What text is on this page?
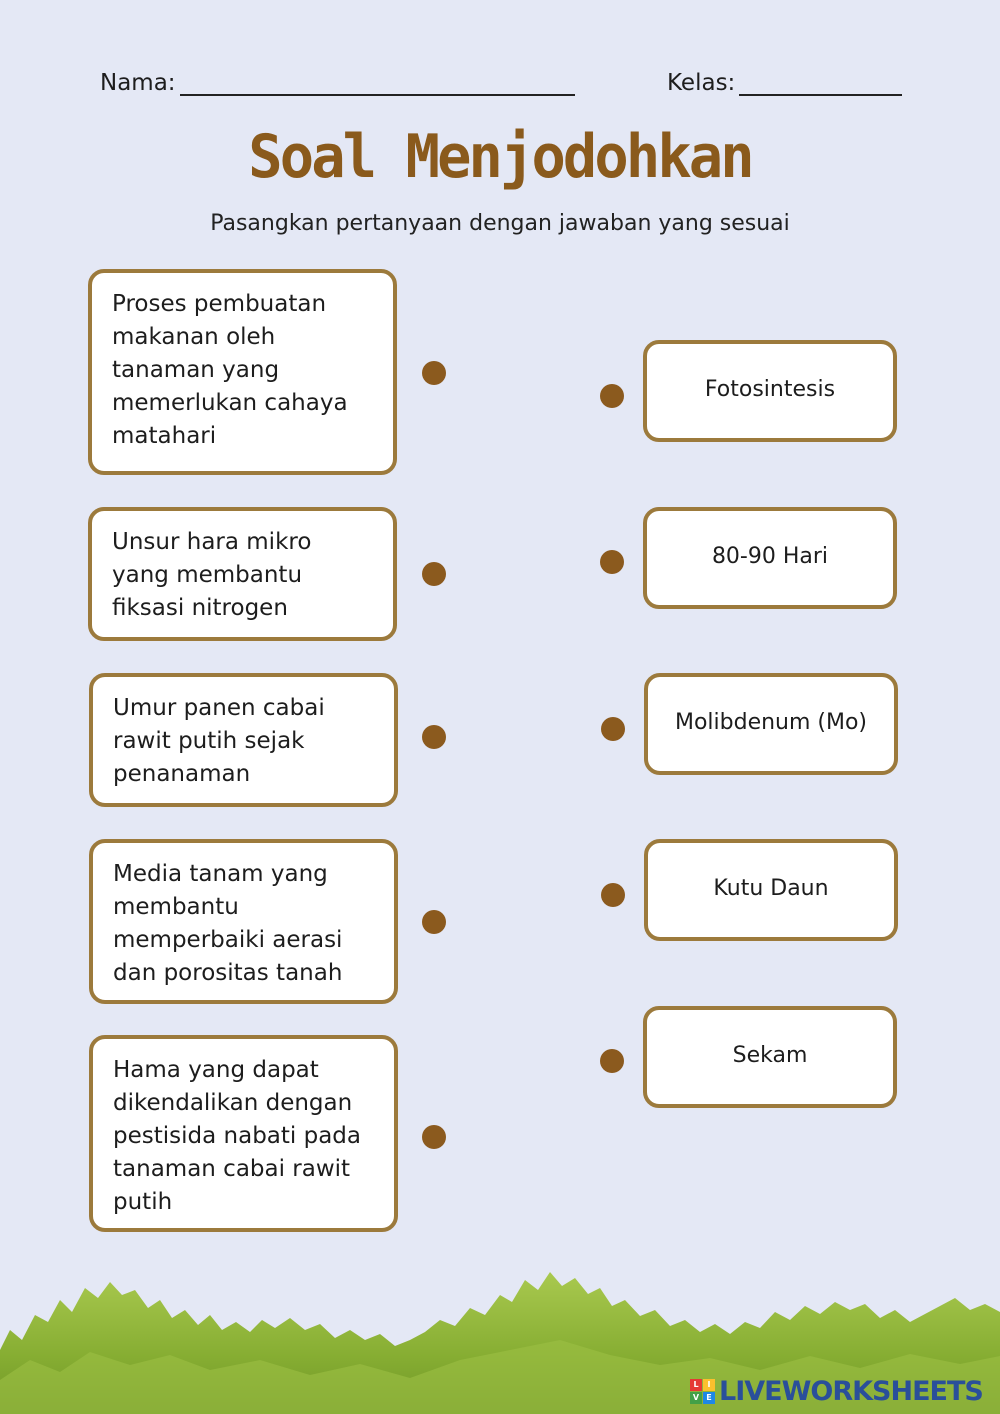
Nama:	Kelas:
Soal Menjodohkan

Pasangkan pertanyaan dengan jawaban yang sesuai

Proses pembuatan makanan oleh tanaman yang memerlukan cahaya matahari
Unsur hara mikro yang membantu fiksasi nitrogen
Umur panen cabai rawit putih sejak penanaman
Media tanam yang membantu memperbaiki aerasi dan porositas tanah
Hama yang dapat dikendalikan dengan pestisida nabati pada tanaman cabai rawit putih
Fotosintesis
80-90 Hari
Molibdenum (Mo)
Kutu Daun
Sekam
L	I
V E LIVEWORKSHEETS
